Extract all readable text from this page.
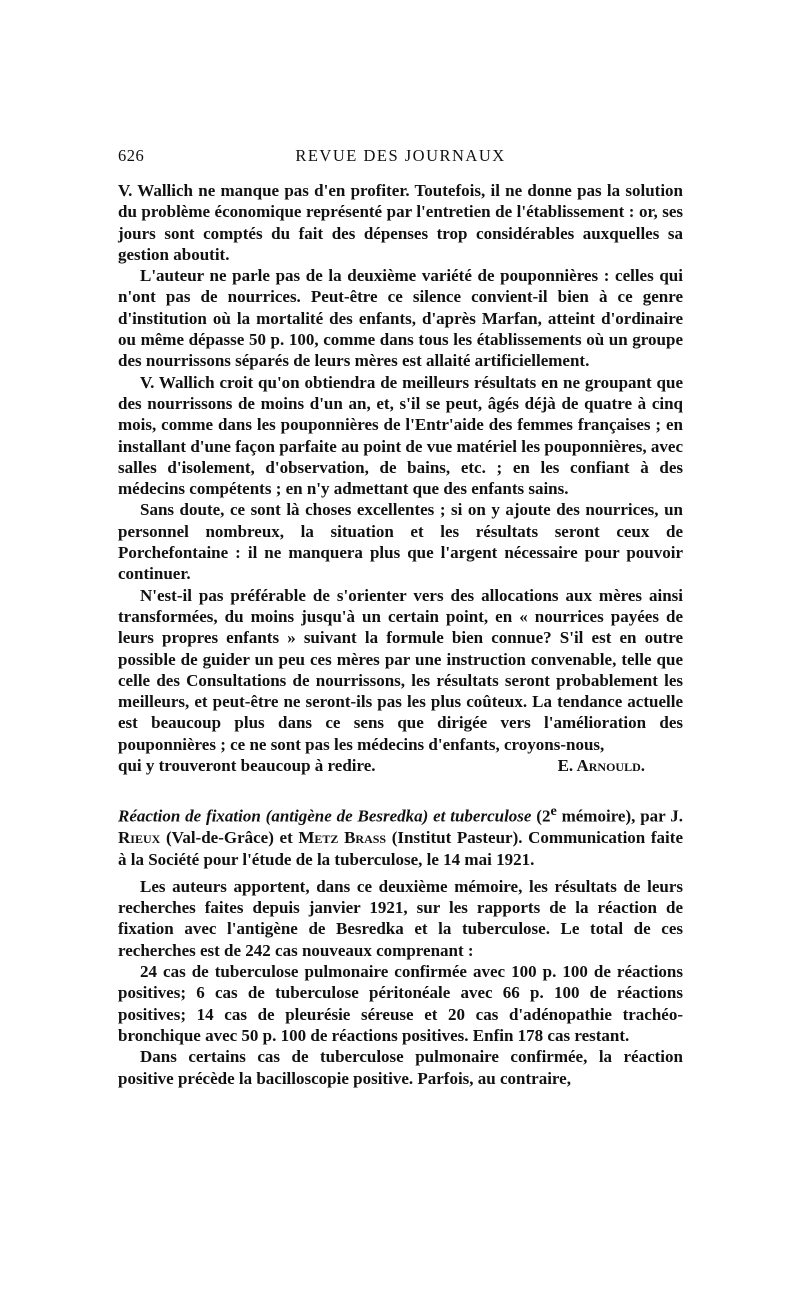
626	REVUE DES JOURNAUX

V. Wallich ne manque pas d'en profiter. Toutefois, il ne donne pas la solution du problème économique représenté par l'entretien de l'établissement : or, ses jours sont comptés du fait des dépenses trop considérables auxquelles sa gestion aboutit.

L'auteur ne parle pas de la deuxième variété de pouponnières : celles qui n'ont pas de nourrices. Peut-être ce silence convient-il bien à ce genre d'institution où la mortalité des enfants, d'après Marfan, atteint d'ordinaire ou même dépasse 50 p. 100, comme dans tous les établissements où un groupe des nourrissons séparés de leurs mères est allaité artificiellement.

V. Wallich croit qu'on obtiendra de meilleurs résultats en ne groupant que des nourrissons de moins d'un an, et, s'il se peut, âgés déjà de quatre à cinq mois, comme dans les pouponnières de l'Entr'aide des femmes françaises ; en installant d'une façon parfaite au point de vue matériel les pouponnières, avec salles d'isolement, d'observation, de bains, etc. ; en les confiant à des médecins compétents ; en n'y admettant que des enfants sains.

Sans doute, ce sont là choses excellentes ; si on y ajoute des nourrices, un personnel nombreux, la situation et les résultats seront ceux de Porchefontaine : il ne manquera plus que l'argent nécessaire pour pouvoir continuer.

N'est-il pas préférable de s'orienter vers des allocations aux mères ainsi transformées, du moins jusqu'à un certain point, en « nourrices payées de leurs propres enfants » suivant la formule bien connue? S'il est en outre possible de guider un peu ces mères par une instruction convenable, telle que celle des Consultations de nourrissons, les résultats seront probablement les meilleurs, et peut-être ne seront-ils pas les plus coûteux. La tendance actuelle est beaucoup plus dans ce sens que dirigée vers l'amélioration des pouponnières ; ce ne sont pas les médecins d'enfants, croyons-nous,

qui y trouveront beaucoup à redire.	E. Arnould.

Réaction de fixation (antigène de Besredka) et tuberculose (2e mémoire), par J. Rieux (Val-de-Grâce) et Metz Brass (Institut Pasteur). Communication faite à la Société pour l'étude de la tuberculose, le 14 mai 1921.

Les auteurs apportent, dans ce deuxième mémoire, les résultats de leurs recherches faites depuis janvier 1921, sur les rapports de la réaction de fixation avec l'antigène de Besredka et la tuberculose. Le total de ces recherches est de 242 cas nouveaux comprenant :

24 cas de tuberculose pulmonaire confirmée avec 100 p. 100 de réactions positives; 6 cas de tuberculose péritonéale avec 66 p. 100 de réactions positives; 14 cas de pleurésie séreuse et 20 cas d'adénopathie trachéo-bronchique avec 50 p. 100 de réactions positives. Enfin 178 cas restant.

Dans certains cas de tuberculose pulmonaire confirmée, la réaction positive précède la bacilloscopie positive. Parfois, au contraire,
